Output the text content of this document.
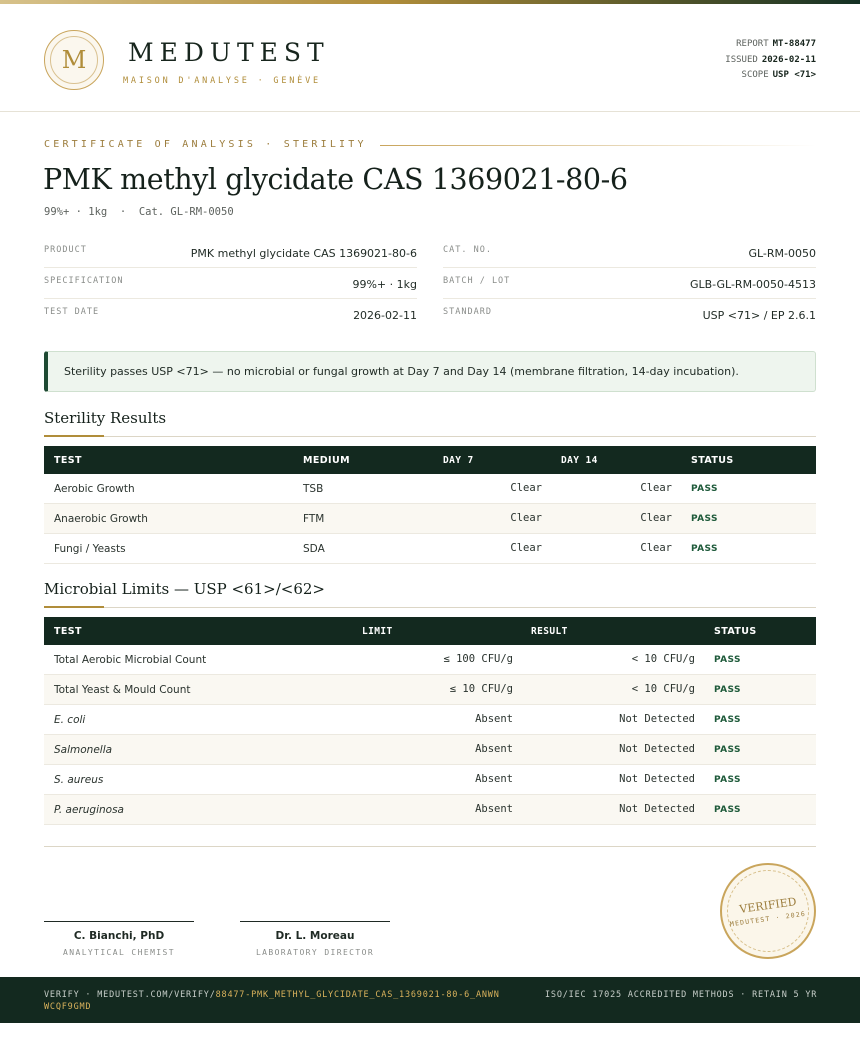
M	MEDUTEST
MAISON D'ANALYSE · GENÈVE
REPORT MT-88477
ISSUED 2026-02-11
SCOPE USP <71>
CERTIFICATE OF ANALYSIS · STERILITY
PMK methyl glycidate CAS 1369021-80-6
99%+ · 1kg  ·  Cat. GL-RM-0050
PRODUCT	PMK methyl glycidate CAS 1369021-80-6
SPECIFICATION	99%+ · 1kg
TEST DATE	2026-02-11
CAT. NO.	GL-RM-0050
BATCH / LOT	GLB-GL-RM-0050-4513
STANDARD	USP <71> / EP 2.6.1
Sterility passes USP <71> — no microbial or fungal growth at Day 7 and Day 14 (membrane filtration, 14-day incubation).
Sterility Results
TEST	MEDIUM	DAY 7	DAY 14	STATUS
Aerobic Growth	TSB	Clear	Clear PASS
Anaerobic Growth	FTM	Clear	Clear PASS
Fungi / Yeasts	SDA	Clear	Clear PASS
Microbial Limits — USP <61>/<62>
TEST	LIMIT	RESULT	STATUS
Total Aerobic Microbial Count	≤ 100 CFU/g	< 10 CFU/g PASS
Total Yeast & Mould Count	≤ 10 CFU/g	< 10 CFU/g PASS
E. coli	Absent	Not Detected PASS
Salmonella	Absent	Not Detected PASS
S. aureus	Absent	Not Detected PASS
P. aeruginosa	Absent	Not Detected PASS
C. Bianchi, PhD
ANALYTICAL CHEMIST
Dr. L. Moreau
LABORATORY DIRECTOR
VERIFIED
MEDUTEST · 2026
VERIFY · MEDUTEST.COM/VERIFY/88477-PMK_METHYL_GLYCIDATE_CAS_1369021-80-6_ANWNWCQF9GMD
ISO/IEC 17025 ACCREDITED METHODS · RETAIN 5 YR
